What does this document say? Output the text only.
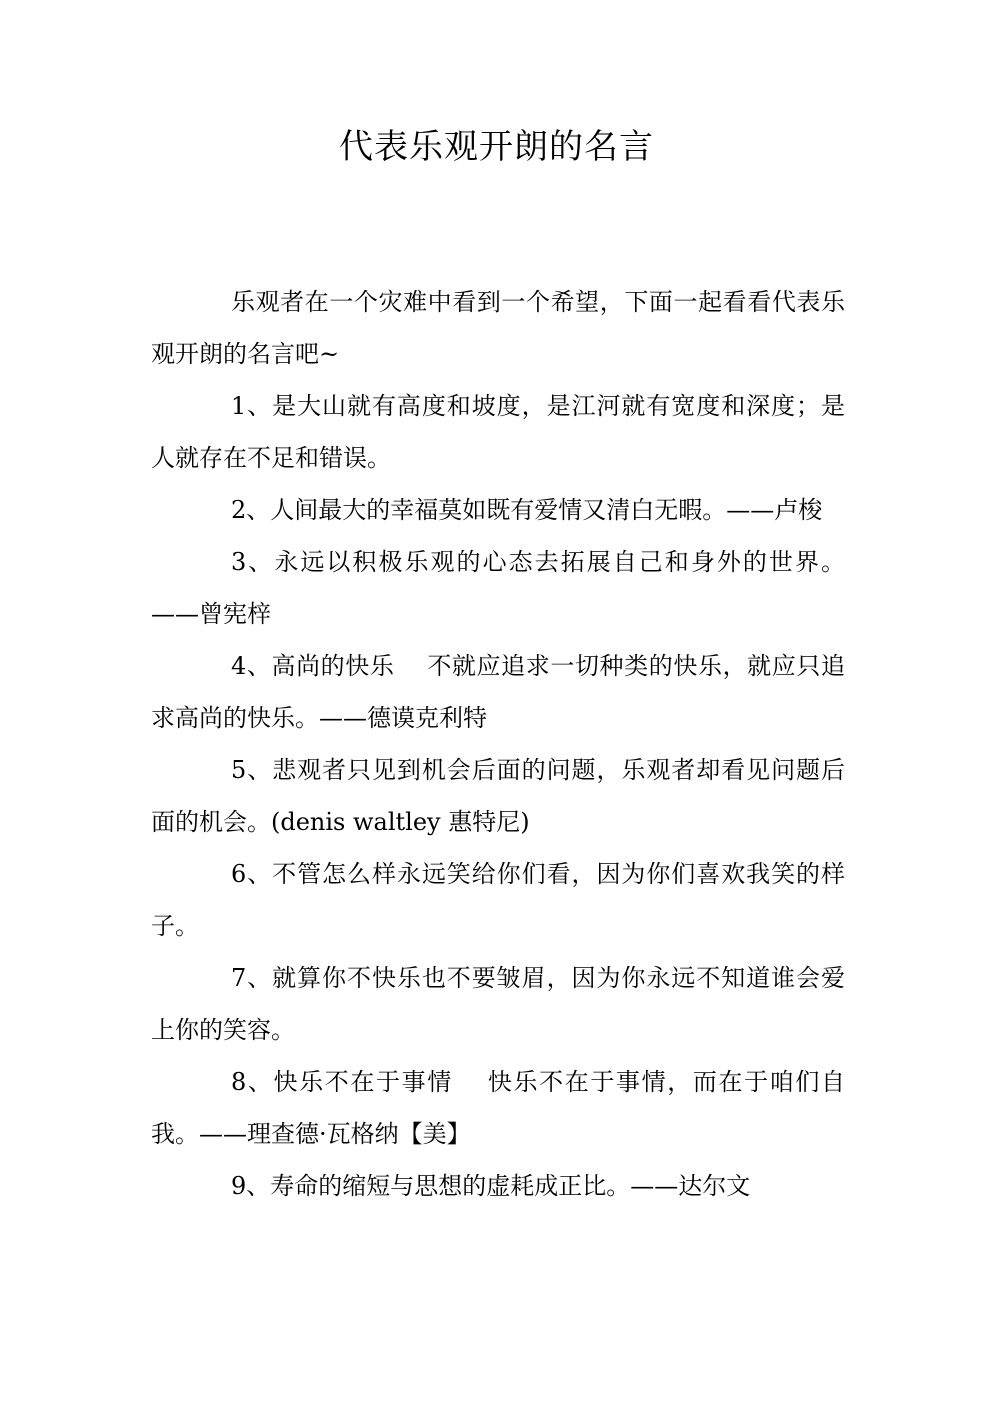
代表乐观开朗的名言

乐观者在一个灾难中看到一个希望，下面一起看看代表乐观开朗的名言吧~

1、是大山就有高度和坡度，是江河就有宽度和深度；是人就存在不足和错误。

2、人间最大的幸福莫如既有爱情又清白无暇。——卢梭

3、永远以积极乐观的心态去拓展自己和身外的世界。——曾宪梓

4、高尚的快乐　 不就应追求一切种类的快乐，就应只追求高尚的快乐。——德谟克利特

5、悲观者只见到机会后面的问题，乐观者却看见问题后面的机会。(denis waltley 惠特尼)

6、不管怎么样永远笑给你们看，因为你们喜欢我笑的样子。

7、就算你不快乐也不要皱眉，因为你永远不知道谁会爱上你的笑容。

8、快乐不在于事情　 快乐不在于事情，而在于咱们自我。——理查德·瓦格纳【美】

9、寿命的缩短与思想的虚耗成正比。——达尔文
